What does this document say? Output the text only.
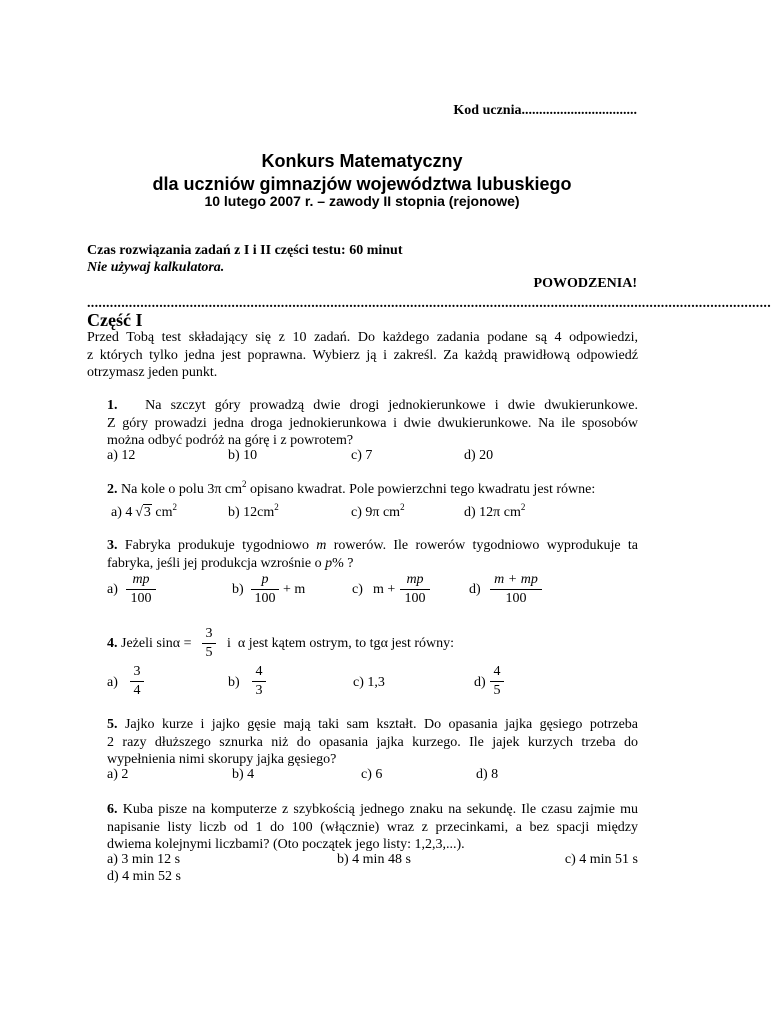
Kod ucznia.................................
Konkurs Matematyczny
dla uczniów gimnazjów województwa lubuskiego
10 lutego 2007 r. – zawody II stopnia (rejonowe)
Czas rozwiązania zadań z I i II części testu: 60 minut
Nie używaj kalkulatora.
POWODZENIA!
....................................................................................................................................................................................
Część I
Przed Tobą test składający się z 10 zadań. Do każdego zadania podane są 4 odpowiedzi,
z których tylko jedna jest poprawna. Wybierz ją i zakreśl. Za każdą prawidłową odpowiedź
otrzymasz jeden punkt.
1. Na szczyt góry prowadzą dwie drogi jednokierunkowe i dwie dwukierunkowe.
Z góry prowadzi jedna droga jednokierunkowa i dwie dwukierunkowe. Na ile sposobów
można odbyć podróż na górę i z powrotem?
a) 12	b) 10	c) 7	d) 20
2. Na kole o polu 3π $cm^2$ opisano kwadrat. Pole powierzchni tego kwadratu jest równe:
a) 4  √3 $cm^2$	b) $12cm^2$	c) 9π $cm^2$	d) 12π $cm^2$
3. Fabryka produkuje tygodniowo m rowerów. Ile rowerów tygodniowo wyprodukuje ta
fabryka, jeśli jej produkcja wzrośnie o p% ?
$a) \frac{mp}{100}$	$b) \frac{p}{100} + m$	c) $m + \frac{mp}{100}$	$d) \frac{m + mp}{100}$
4. Jeżeli $\sin\alpha = \frac{3}{5}$ i α jest kątem ostrym, to tgα jest równy:
$a) \frac{3}{4}$	$b) \frac{4}{3}$	c) 1,3	$d) \frac{4}{5}$
5. Jajko kurze i jajko gęsie mają taki sam kształt. Do opasania jajka gęsiego potrzeba
2 razy dłuższego sznurka niż do opasania jajka kurzego. Ile jajek kurzych trzeba do
wypełnienia nimi skorupy jajka gęsiego?
a) 2	b) 4	c) 6	d) 8
6. Kuba pisze na komputerze z szybkością jednego znaku na sekundę. Ile czasu zajmie mu
napisanie listy liczb od 1 do 100 (włącznie) wraz z przecinkami, a bez spacji między
dwiema kolejnymi liczbami? (Oto początek jego listy: 1,2,3,...).
a) 3 min 12 s	b) 4 min 48 s	c) 4 min 51 s
d) 4 min 52 s
